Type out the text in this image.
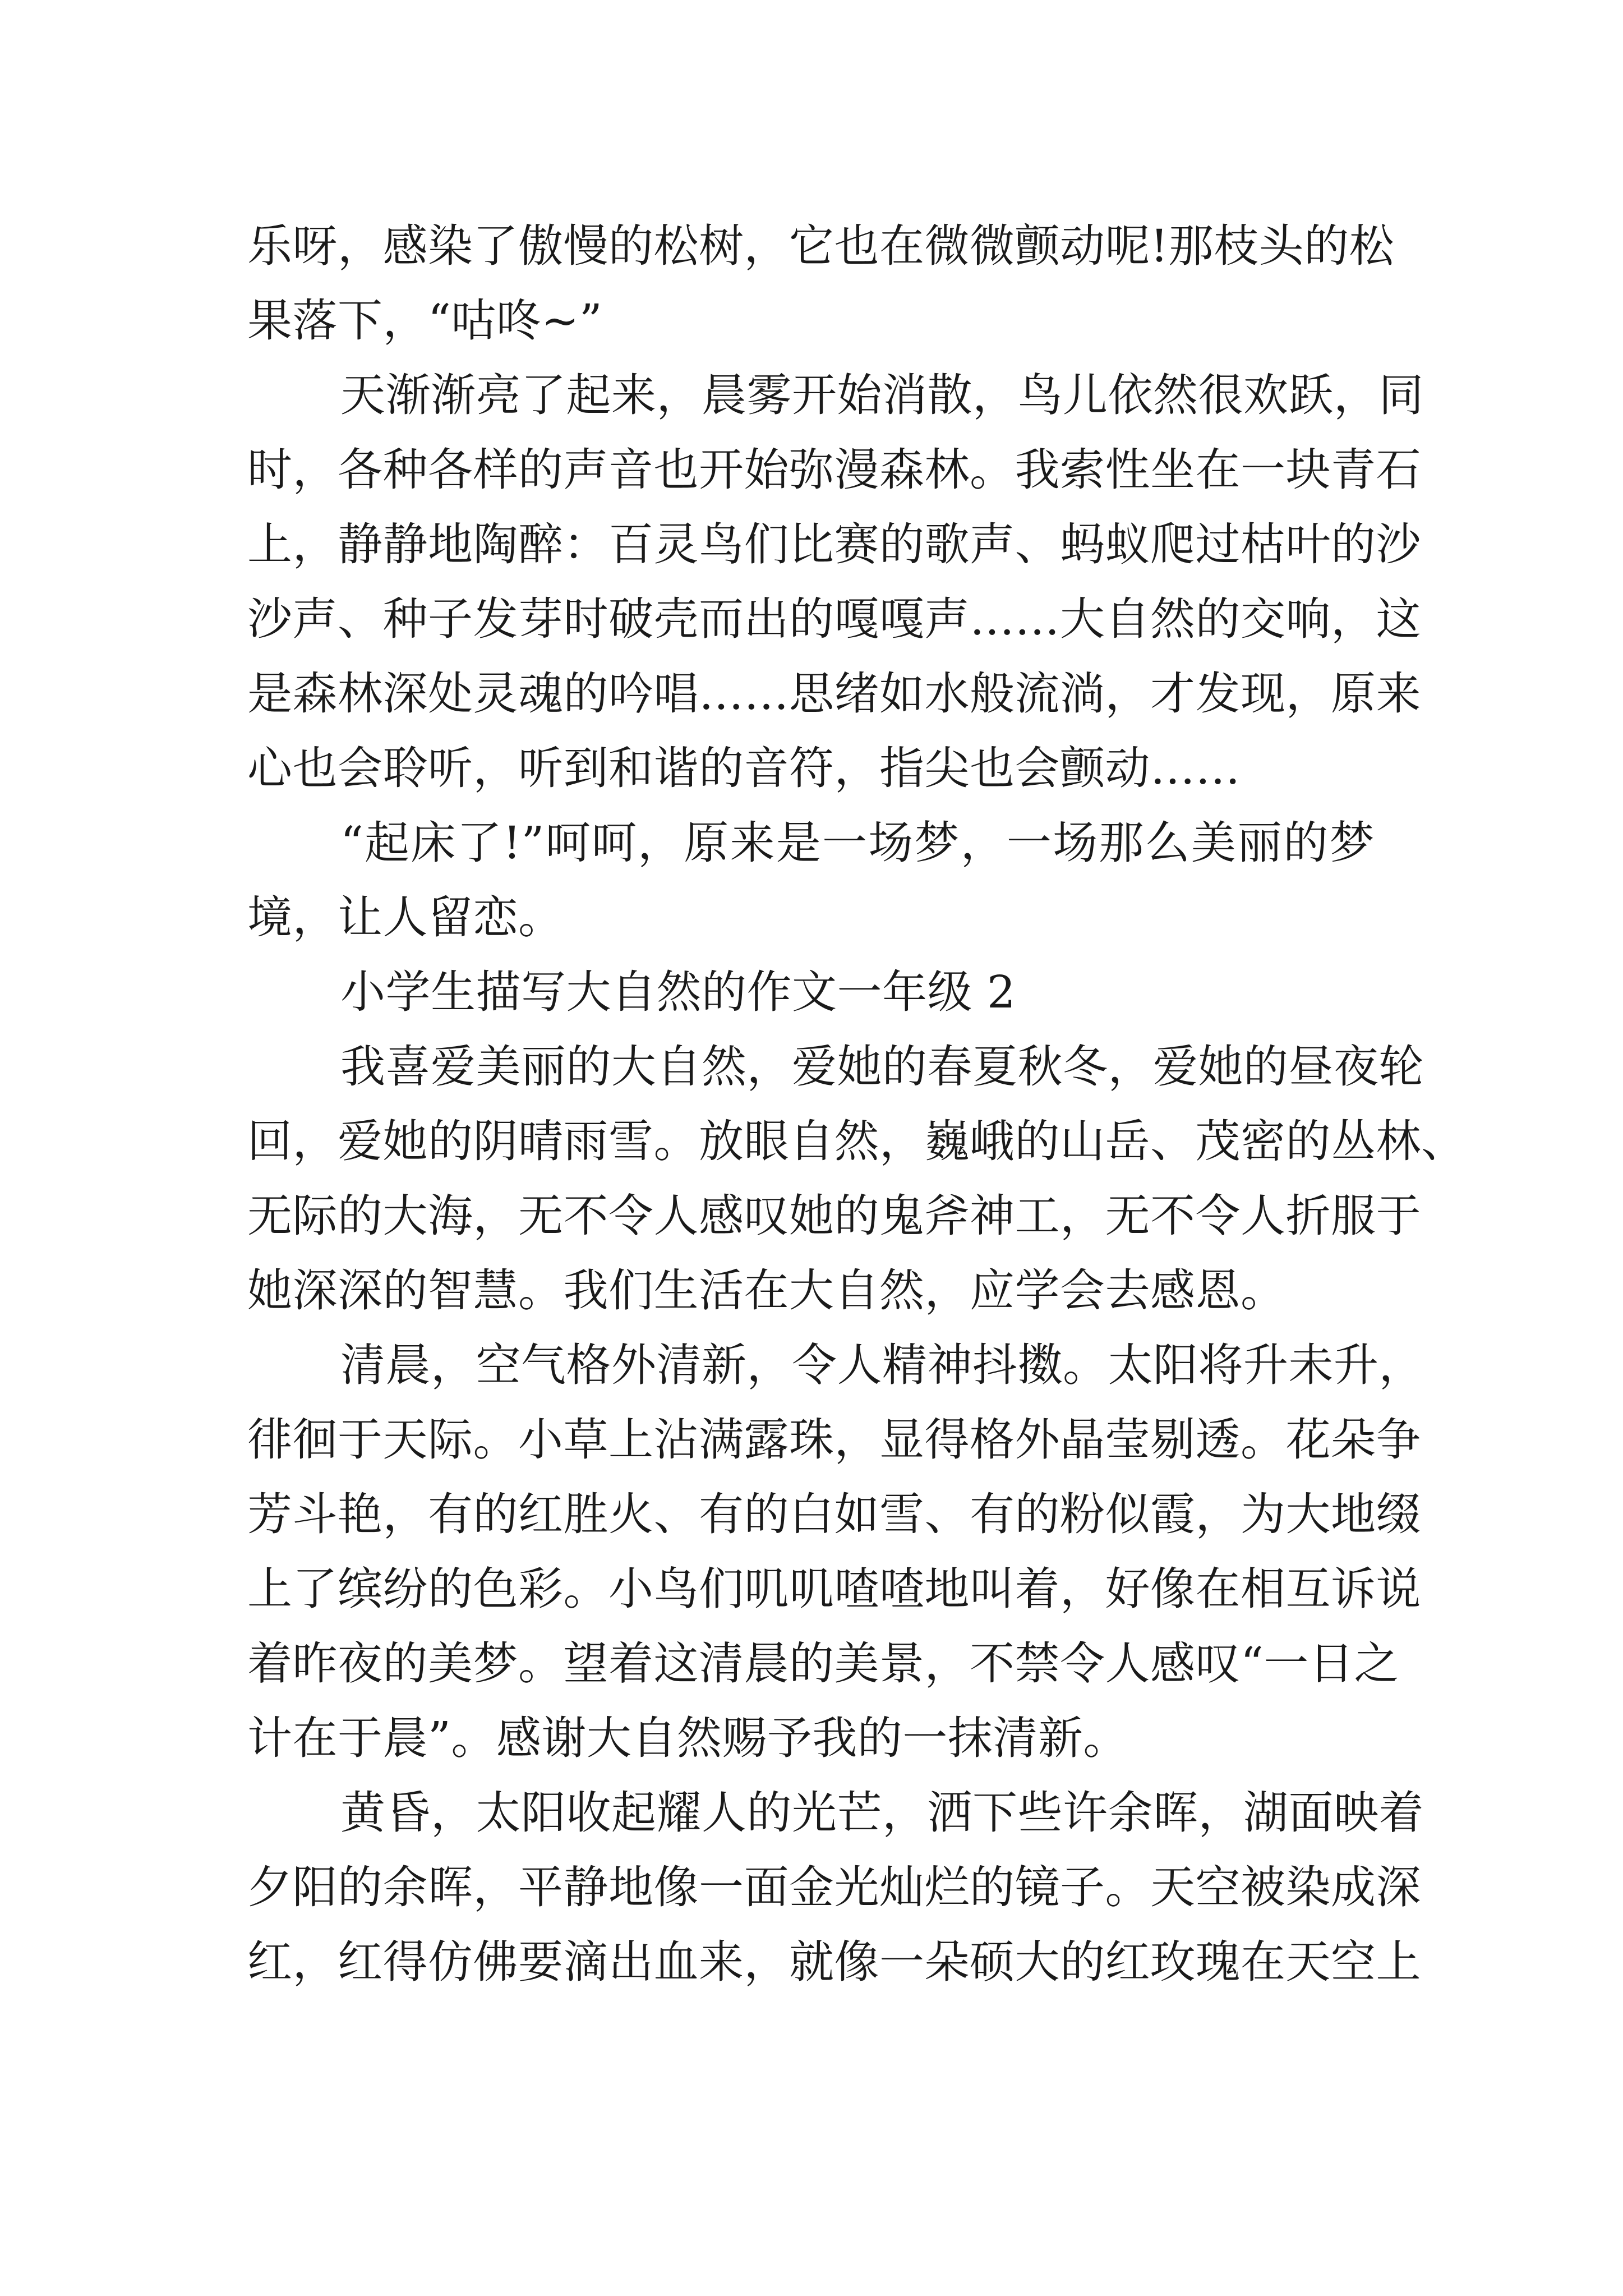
乐呀，感染了傲慢的松树，它也在微微颤动呢!那枝头的松
果落下，“咕咚~”
天渐渐亮了起来，晨雾开始消散，鸟儿依然很欢跃，同
时，各种各样的声音也开始弥漫森林。我索性坐在一块青石
上，静静地陶醉：百灵鸟们比赛的歌声、蚂蚁爬过枯叶的沙
沙声、种子发芽时破壳而出的嘎嘎声……大自然的交响，这
是森林深处灵魂的吟唱……思绪如水般流淌，才发现，原来
心也会聆听，听到和谐的音符，指尖也会颤动……
“起床了!”呵呵，原来是一场梦，一场那么美丽的梦
境，让人留恋。
小学生描写大自然的作文一年级 2
我喜爱美丽的大自然，爱她的春夏秋冬，爱她的昼夜轮
回，爱她的阴晴雨雪。放眼自然，巍峨的山岳、茂密的丛林、
无际的大海，无不令人感叹她的鬼斧神工，无不令人折服于
她深深的智慧。我们生活在大自然，应学会去感恩。
清晨，空气格外清新，令人精神抖擞。太阳将升未升，
徘徊于天际。小草上沾满露珠，显得格外晶莹剔透。花朵争
芳斗艳，有的红胜火、有的白如雪、有的粉似霞，为大地缀
上了缤纷的色彩。小鸟们叽叽喳喳地叫着，好像在相互诉说
着昨夜的美梦。望着这清晨的美景，不禁令人感叹“一日之
计在于晨”。感谢大自然赐予我的一抹清新。
黄昏，太阳收起耀人的光芒，洒下些许余晖，湖面映着
夕阳的余晖，平静地像一面金光灿烂的镜子。天空被染成深
红，红得仿佛要滴出血来，就像一朵硕大的红玫瑰在天空上
